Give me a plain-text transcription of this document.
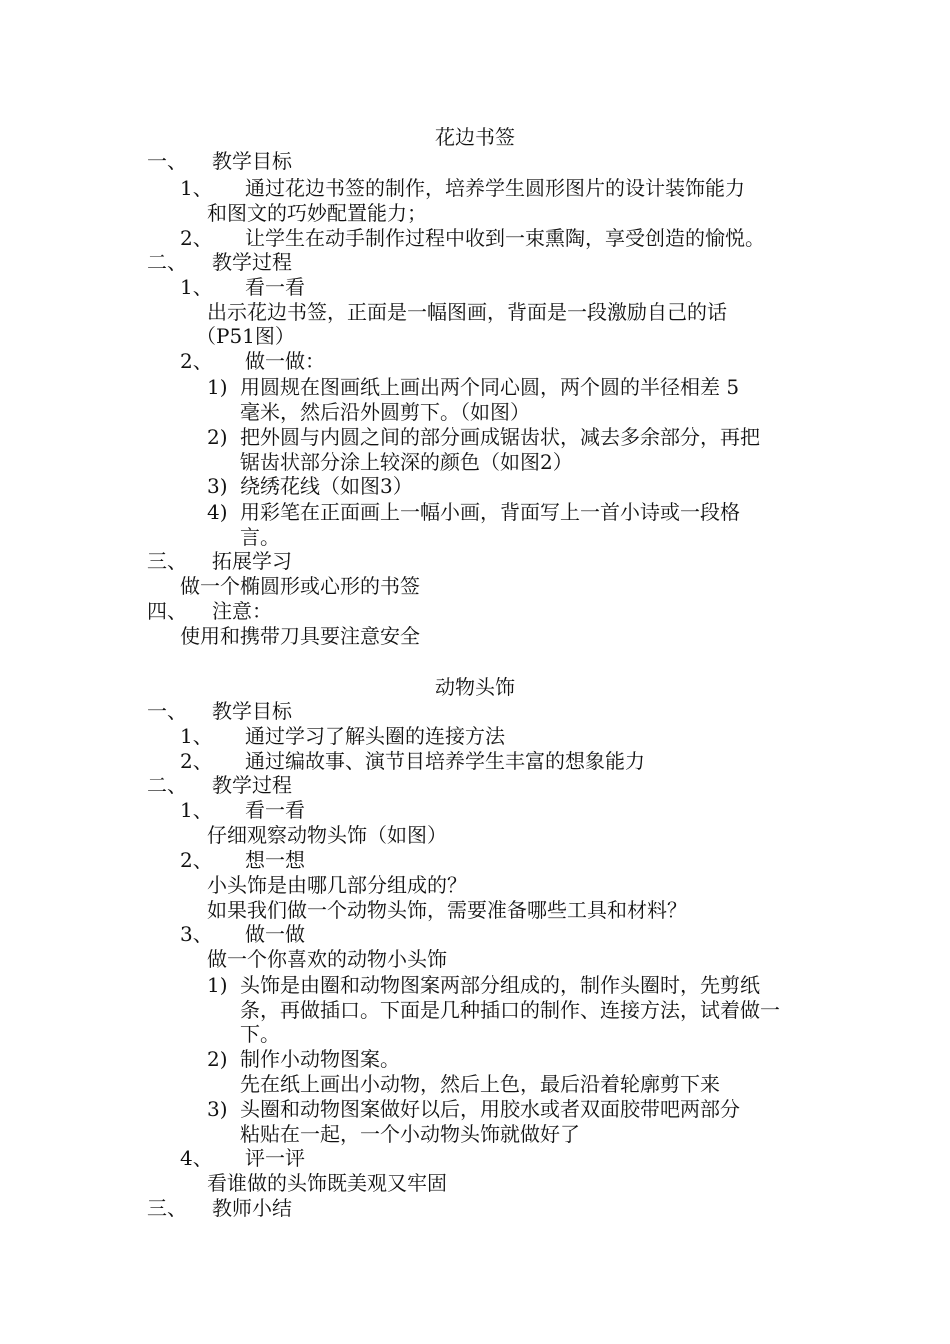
花边书签
一、 教学目标
1、 通过花边书签的制作，培养学生圆形图片的设计装饰能力
和图文的巧妙配置能力；
2、 让学生在动手制作过程中收到一束熏陶，享受创造的愉悦。
二、 教学过程
1、 看一看
出示花边书签，正面是一幅图画，背面是一段激励自己的话
（P51图）
2、 做一做：
1) 用圆规在图画纸上画出两个同心圆，两个圆的半径相差 5
毫米，然后沿外圆剪下。（如图）
2) 把外圆与内圆之间的部分画成锯齿状，减去多余部分，再把
锯齿状部分涂上较深的颜色（如图2）
3) 绕绣花线（如图3）
4) 用彩笔在正面画上一幅小画，背面写上一首小诗或一段格
言。
三、 拓展学习
做一个椭圆形或心形的书签
四、 注意：
使用和携带刀具要注意安全
动物头饰
一、 教学目标
1、 通过学习了解头圈的连接方法
2、 通过编故事、演节目培养学生丰富的想象能力
二、 教学过程
1、 看一看
仔细观察动物头饰（如图）
2、 想一想
小头饰是由哪几部分组成的？
如果我们做一个动物头饰，需要准备哪些工具和材料？
3、 做一做
做一个你喜欢的动物小头饰
1) 头饰是由圈和动物图案两部分组成的，制作头圈时，先剪纸
条，再做插口。下面是几种插口的制作、连接方法，试着做一
下。
2) 制作小动物图案。
先在纸上画出小动物，然后上色，最后沿着轮廓剪下来
3) 头圈和动物图案做好以后，用胶水或者双面胶带吧两部分
粘贴在一起，一个小动物头饰就做好了
4、 评一评
看谁做的头饰既美观又牢固
三、 教师小结
